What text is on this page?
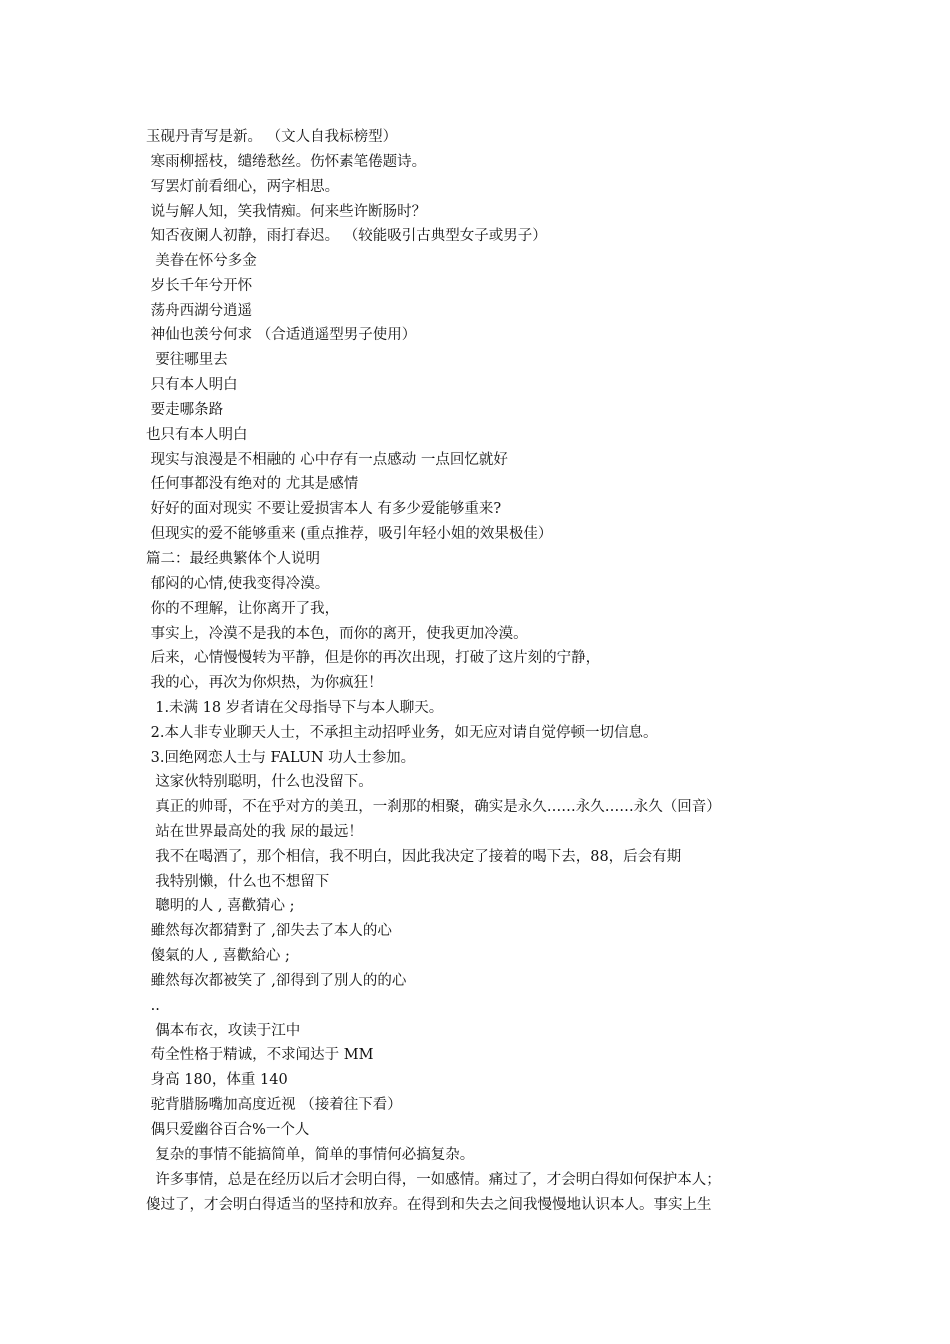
玉砚丹青写是新。 （文人自我标榜型）
寒雨柳摇枝，缱绻愁丝。伤怀素笔倦题诗。
写罢灯前看细心，两字相思。
说与解人知，笑我情痴。何来些许断肠时？
知否夜阑人初静，雨打春迟。 （较能吸引古典型女子或男子）
美眷在怀兮多金
岁长千年兮开怀
荡舟西湖兮逍遥
神仙也羡兮何求 （合适逍遥型男子使用）
要往哪里去
只有本人明白
要走哪条路
也只有本人明白
现实与浪漫是不相融的 心中存有一点感动 一点回忆就好
任何事都没有绝对的 尤其是感情
好好的面对现实 不要让爱损害本人 有多少爱能够重来?
但现实的爱不能够重来 (重点推荐，吸引年轻小姐的效果极佳）
篇二：最经典繁体个人说明
郁闷的心情,使我变得冷漠。
你的不理解，让你离开了我，
事实上，冷漠不是我的本色，而你的离开，使我更加冷漠。
后来，心情慢慢转为平静，但是你的再次出现，打破了这片刻的宁静，
我的心，再次为你炽热，为你疯狂！
1.未满 18 岁者请在父母指导下与本人聊天。
2.本人非专业聊天人士，不承担主动招呼业务，如无应对请自觉停顿一切信息。
3.回绝网恋人士与 FALUN 功人士参加。
这家伙特别聪明，什么也没留下。
真正的帅哥，不在乎对方的美丑，一刹那的相聚，确实是永久……永久……永久（回音）
站在世界最高处的我 尿的最远！
我不在喝酒了，那个相信，我不明白，因此我决定了接着的喝下去，88，后会有期
我特别懒，什么也不想留下
聰明的人 , 喜歡猜心 ;
雖然每次都猜對了 ,卻失去了本人的心
傻氣的人 , 喜歡給心 ;
雖然每次都被笑了 ,卻得到了別人的的心
..
偶本布衣，攻读于江中
苟全性格于精诚，不求闻达于 MM
身高 180，体重 140
驼背腊肠嘴加高度近视 （接着往下看）
偶只爱幽谷百合%一个人
复杂的事情不能搞简单，简单的事情何必搞复杂。
许多事情，总是在经历以后才会明白得，一如感情。痛过了，才会明白得如何保护本人；
傻过了，才会明白得适当的坚持和放弃。在得到和失去之间我慢慢地认识本人。事实上生
